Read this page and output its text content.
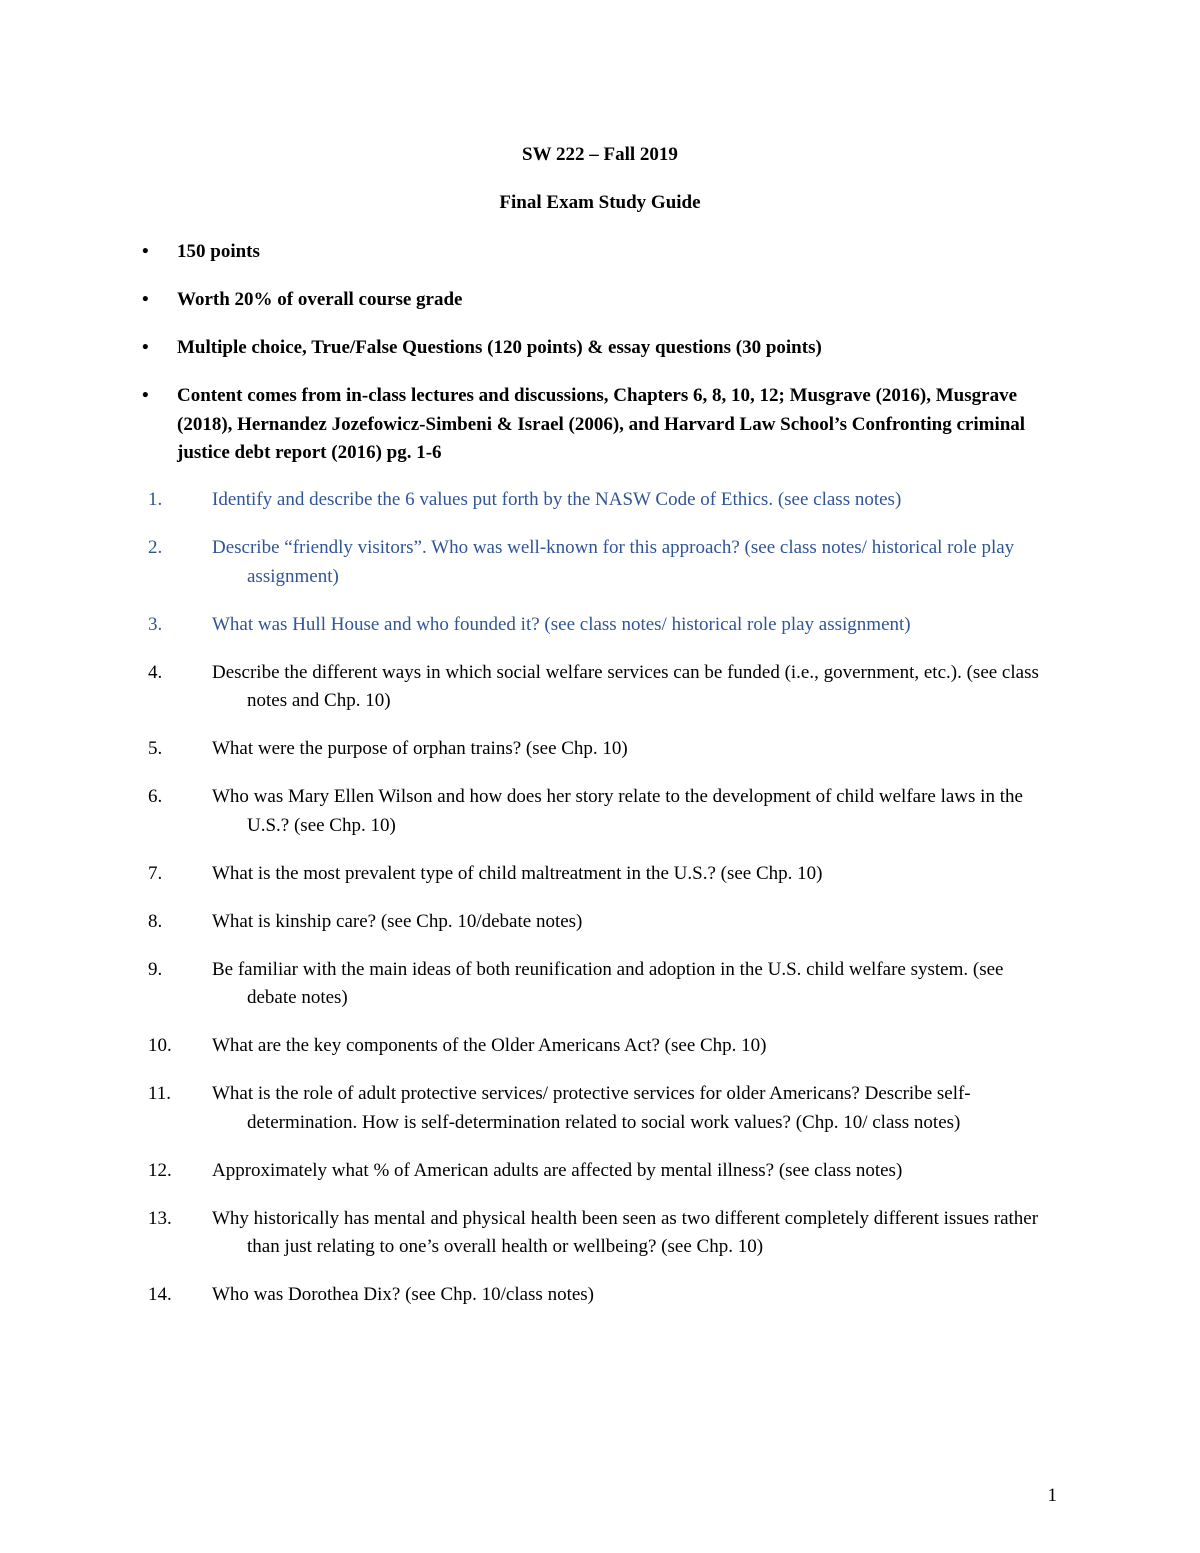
SW 222 – Fall 2019
Final Exam Study Guide
• 150 points
• Worth 20% of overall course grade
• Multiple choice, True/False Questions (120 points) & essay questions (30 points)
• Content comes from in-class lectures and discussions, Chapters 6, 8, 10, 12; Musgrave (2016), Musgrave (2018), Hernandez Jozefowicz-Simbeni & Israel (2006), and Harvard Law School’s Confronting criminal justice debt report (2016) pg. 1-6
1.	Identify and describe the 6 values put forth by the NASW Code of Ethics. (see class notes)
2.	Describe “friendly visitors”. Who was well-known for this approach? (see class notes/ historical role play assignment)
3.	What was Hull House and who founded it? (see class notes/ historical role play assignment)
4.	Describe the different ways in which social welfare services can be funded (i.e., government, etc.). (see class notes and Chp. 10)
5.	What were the purpose of orphan trains? (see Chp. 10)
6.	Who was Mary Ellen Wilson and how does her story relate to the development of child welfare laws in the U.S.? (see Chp. 10)
7.	What is the most prevalent type of child maltreatment in the U.S.? (see Chp. 10)
8.	What is kinship care? (see Chp. 10/debate notes)
9.	Be familiar with the main ideas of both reunification and adoption in the U.S. child welfare system. (see debate notes)
10. What are the key components of the Older Americans Act? (see Chp. 10)
11. What is the role of adult protective services/ protective services for older Americans? Describe self-determination. How is self-determination related to social work values? (Chp. 10/ class notes)
12. Approximately what % of American adults are affected by mental illness? (see class notes)
13. Why historically has mental and physical health been seen as two different completely different issues rather than just relating to one’s overall health or wellbeing? (see Chp. 10)
14. Who was Dorothea Dix? (see Chp. 10/class notes)
1
